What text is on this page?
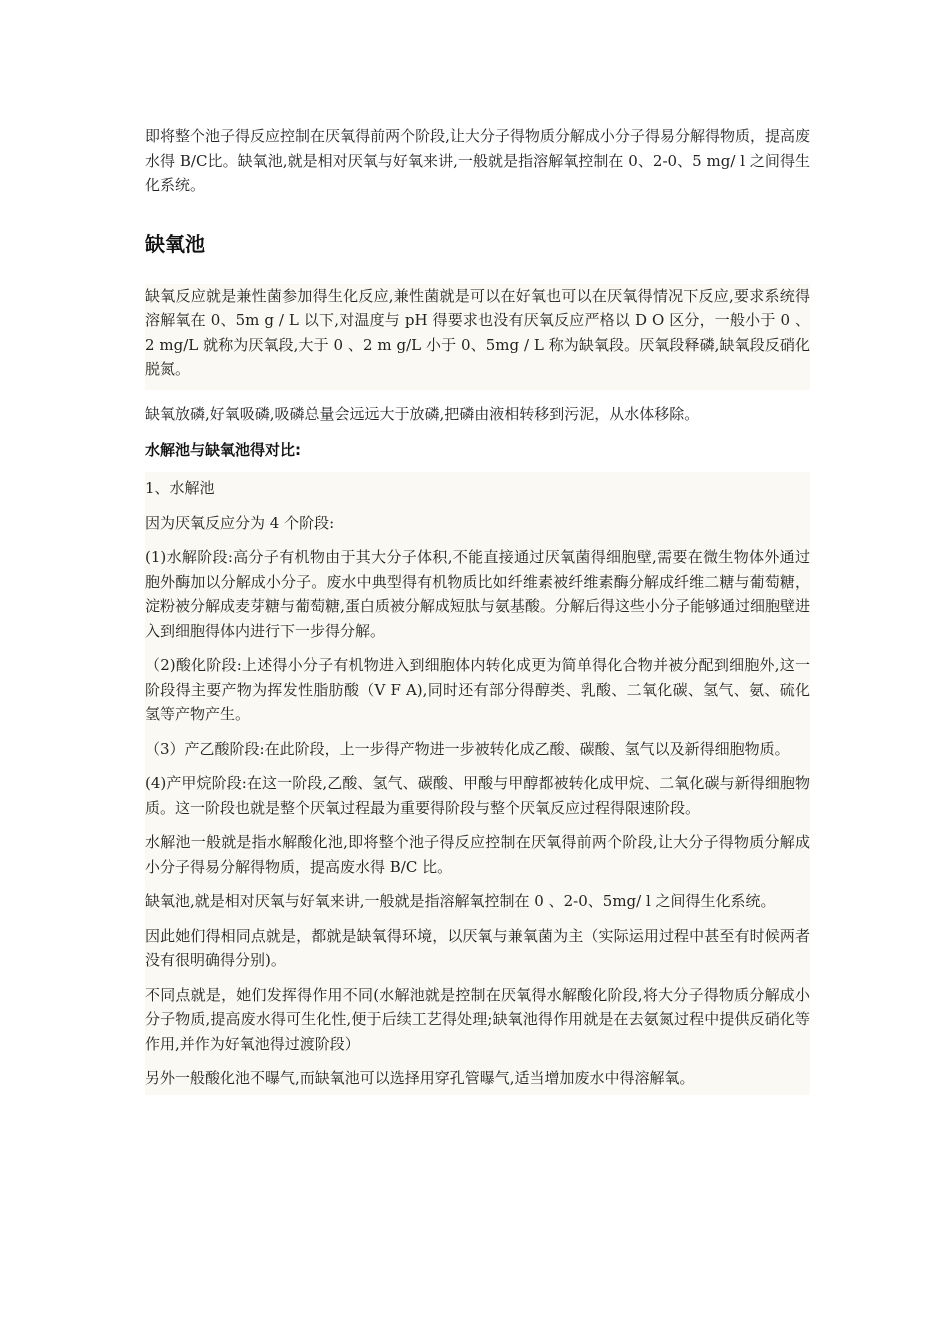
即将整个池子得反应控制在厌氧得前两个阶段,让大分子得物质分解成小分子得易分解得物质，提高废水得 B/C比。缺氧池,就是相对厌氧与好氧来讲,一般就是指溶解氧控制在 0、2-0、5 mg/ l 之间得生化系统。

缺氧池

缺氧反应就是兼性菌参加得生化反应,兼性菌就是可以在好氧也可以在厌氧得情况下反应,要求系统得溶解氧在 0、5m g / L 以下,对温度与 pH 得要求也没有厌氧反应严格以 D O 区分，一般小于 0 、 2 mg/L 就称为厌氧段,大于 0 、2 m g/L 小于 0、5mg / L 称为缺氧段。厌氧段释磷,缺氧段反硝化脱氮。

缺氧放磷,好氧吸磷,吸磷总量会远远大于放磷,把磷由液相转移到污泥，从水体移除。

水解池与缺氧池得对比:

1、水解池

因为厌氧反应分为 4 个阶段:

(1)水解阶段:高分子有机物由于其大分子体积,不能直接通过厌氧菌得细胞壁,需要在微生物体外通过胞外酶加以分解成小分子。废水中典型得有机物质比如纤维素被纤维素酶分解成纤维二糖与葡萄糖，淀粉被分解成麦芽糖与葡萄糖,蛋白质被分解成短肽与氨基酸。分解后得这些小分子能够通过细胞壁进入到细胞得体内进行下一步得分解。

（2)酸化阶段:上述得小分子有机物进入到细胞体内转化成更为简单得化合物并被分配到细胞外,这一阶段得主要产物为挥发性脂肪酸（V F A),同时还有部分得醇类、乳酸、二氧化碳、氢气、氨、硫化氢等产物产生。

（3）产乙酸阶段:在此阶段，上一步得产物进一步被转化成乙酸、碳酸、氢气以及新得细胞物质。

(4)产甲烷阶段:在这一阶段,乙酸、氢气、碳酸、甲酸与甲醇都被转化成甲烷、二氧化碳与新得细胞物质。这一阶段也就是整个厌氧过程最为重要得阶段与整个厌氧反应过程得限速阶段。

水解池一般就是指水解酸化池,即将整个池子得反应控制在厌氧得前两个阶段,让大分子得物质分解成小分子得易分解得物质，提高废水得 B/C 比。

缺氧池,就是相对厌氧与好氧来讲,一般就是指溶解氧控制在 0 、2-0、5mg/ l 之间得生化系统。

因此她们得相同点就是，都就是缺氧得环境，以厌氧与兼氧菌为主（实际运用过程中甚至有时候两者没有很明确得分别)。

不同点就是，她们发挥得作用不同(水解池就是控制在厌氧得水解酸化阶段,将大分子得物质分解成小分子物质,提高废水得可生化性,便于后续工艺得处理;缺氧池得作用就是在去氨氮过程中提供反硝化等作用,并作为好氧池得过渡阶段）

另外一般酸化池不曝气,而缺氧池可以选择用穿孔管曝气,适当增加废水中得溶解氧。
